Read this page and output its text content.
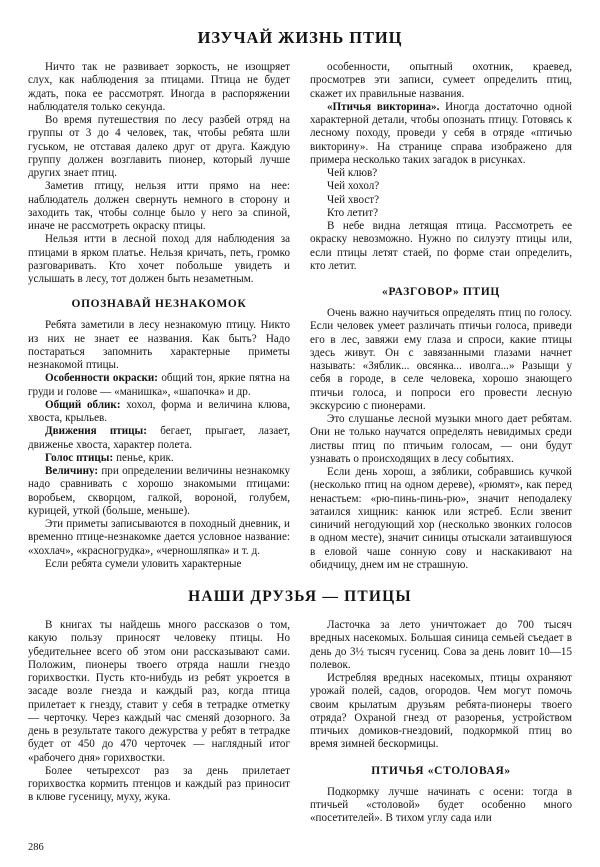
ИЗУЧАЙ ЖИЗНЬ ПТИЦ

Ничто так не развивает зоркость, не изощряет слух, как наблюдения за птицами. Птица не будет ждать, пока ее рассмотрят. Иногда в распоряжении наблюдателя только секунда.

Во время путешествия по лесу разбей отряд на группы от 3 до 4 человек, так, чтобы ребята шли гуськом, не отставая далеко друг от друга. Каждую группу должен возглавить пионер, который лучше других знает птиц.

Заметив птицу, нельзя итти прямо на нее: наблюдатель должен свернуть немного в сторону и заходить так, чтобы солнце было у него за спиной, иначе не рассмотреть окраску птицы.

Нельзя итти в лесной поход для наблюдения за птицами в ярком платье. Нельзя кричать, петь, громко разговаривать. Кто хочет побольше увидеть и услышать в лесу, тот должен быть незаметным.

ОПОЗНАВАЙ НЕЗНАКОМОК

Ребята заметили в лесу незнакомую птицу. Никто из них не знает ее названия. Как быть? Надо постараться запомнить характерные приметы незнакомой птицы.

Особенности окраски: общий тон, яркие пятна на груди и голове — «манишка», «шапочка» и др.

Общий облик: хохол, форма и величина клюва, хвоста, крыльев.

Движения птицы: бегает, прыгает, лазает, движенье хвоста, характер полета.

Голос птицы: пенье, крик.

Величину: при определении величины незнакомку надо сравнивать с хорошо знакомыми птицами: воробьем, скворцом, галкой, вороной, голубем, курицей, уткой (больше, меньше).

Эти приметы записываются в походный дневник, и временно птице-незнакомке дается условное название: «хохлач», «красногрудка», «черношляпка» и т. д.

Если ребята сумели уловить характерные

особенности, опытный охотник, краевед, просмотрев эти записи, сумеет определить птиц, скажет их правильные названия.

«Птичья викторина». Иногда достаточно одной характерной детали, чтобы опознать птицу. Готовясь к лесному походу, проведи у себя в отряде «птичью викторину». На странице справа изображено для примера несколько таких загадок в рисунках.

Чей клюв?

Чей хохол?

Чей хвост?

Кто летит?

В небе видна летящая птица. Рассмотреть ее окраску невозможно. Нужно по силуэту птицы или, если птицы летят стаей, по форме стаи определить, кто летит.

«РАЗГОВОР» ПТИЦ

Очень важно научиться определять птиц по голосу. Если человек умеет различать птичьи голоса, приведи его в лес, завяжи ему глаза и спроси, какие птицы здесь живут. Он с завязанными глазами начнет называть: «Зяблик... овсянка... иволга...» Разыщи у себя в городе, в селе человека, хорошо знающего птичьи голоса, и попроси его провести лесную экскурсию с пионерами.

Это слушанье лесной музыки много дает ребятам. Они не только научатся определять невидимых среди листвы птиц по птичьим голосам, — они будут узнавать о происходящих в лесу событиях.

Если день хорош, а зяблики, собравшись кучкой (несколько птиц на одном дереве), «рюмят», как перед ненастьем: «рю-пинь-пинь-рю», значит неподалеку затаился хищник: канюк или ястреб. Если звенит синичий негодующий хор (несколько звонких голосов в одном месте), значит синицы отыскали затаившуюся в еловой чаше сонную сову и наскакивают на обидчицу, днем им не страшную.

НАШИ ДРУЗЬЯ — ПТИЦЫ

В книгах ты найдешь много рассказов о том, какую пользу приносят человеку птицы. Но убедительнее всего об этом они рассказывают сами. Положим, пионеры твоего отряда нашли гнездо горихвостки. Пусть кто-нибудь из ребят укроется в засаде возле гнезда и каждый раз, когда птица прилетает к гнезду, ставит у себя в тетрадке отметку — черточку. Через каждый час сменяй дозорного. За день в результате такого дежурства у ребят в тетрадке будет от 450 до 470 черточек — наглядный итог «рабочего дня» горихвостки.

Более четырехсот раз за день прилетает горихвостка кормить птенцов и каждый раз приносит в клюве гусеницу, муху, жука.

Ласточка за лето уничтожает до 700 тысяч вредных насекомых. Большая синица семьей съедает в день до 3½ тысяч гусениц. Сова за день ловит 10—15 полевок.

Истребляя вредных насекомых, птицы охраняют урожай полей, садов, огородов. Чем могут помочь своим крылатым друзьям ребята-пионеры твоего отряда? Охраной гнезд от разоренья, устройством птичьих домиков-гнездовий, подкормкой птиц во время зимней бескормицы.

ПТИЧЬЯ «СТОЛОВАЯ»

Подкормку лучше начинать с осени: тогда в птичьей «столовой» будет особенно много «посетителей». В тихом углу сада или

286
